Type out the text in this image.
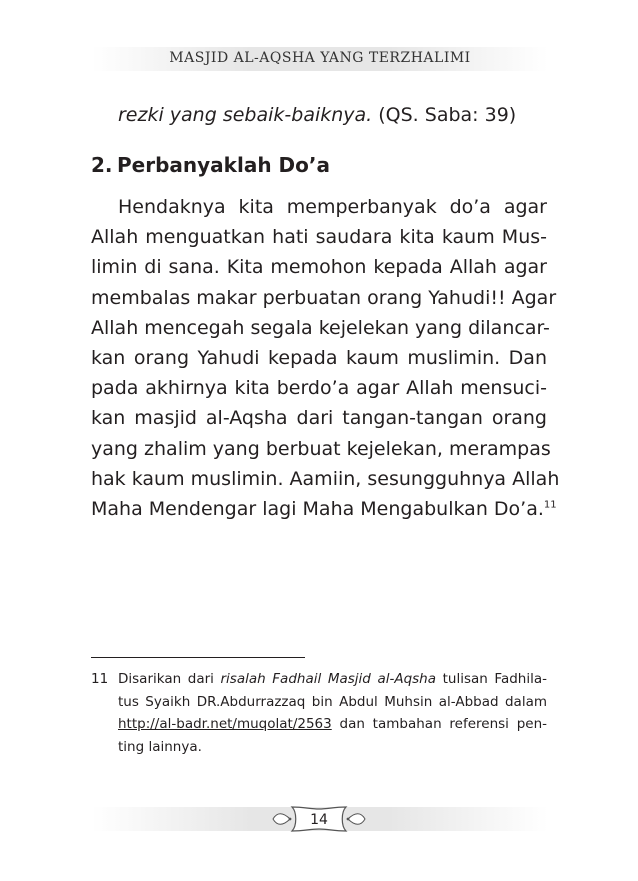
MASJID AL-AQSHA YANG TERZHALIMI
rezki yang sebaik-baiknya. (QS. Saba: 39)
2. Perbanyaklah Do’a
Hendaknya kita memperbanyak do’a agar
Allah menguatkan hati saudara kita kaum Mus-
limin di sana. Kita memohon kepada Allah agar
membalas makar perbuatan orang Yahudi!! Agar
Allah mencegah segala kejelekan yang dilancar-
kan orang Yahudi kepada kaum muslimin. Dan
pada akhirnya kita berdo’a agar Allah mensuci-
kan masjid al-Aqsha dari tangan-tangan orang
yang zhalim yang berbuat kejelekan, merampas
hak kaum muslimin. Aamiin, sesungguhnya Allah
Maha Mendengar lagi Maha Mengabulkan Do’a.$^{11}$
11 Disarikan dari risalah Fadhail Masjid al-Aqsha tulisan Fadhila-
tus Syaikh DR.Abdurrazzaq bin Abdul Muhsin al-Abbad dalam
http://al-badr.net/muqolat/2563 dan tambahan referensi pen-
ting lainnya.
14
